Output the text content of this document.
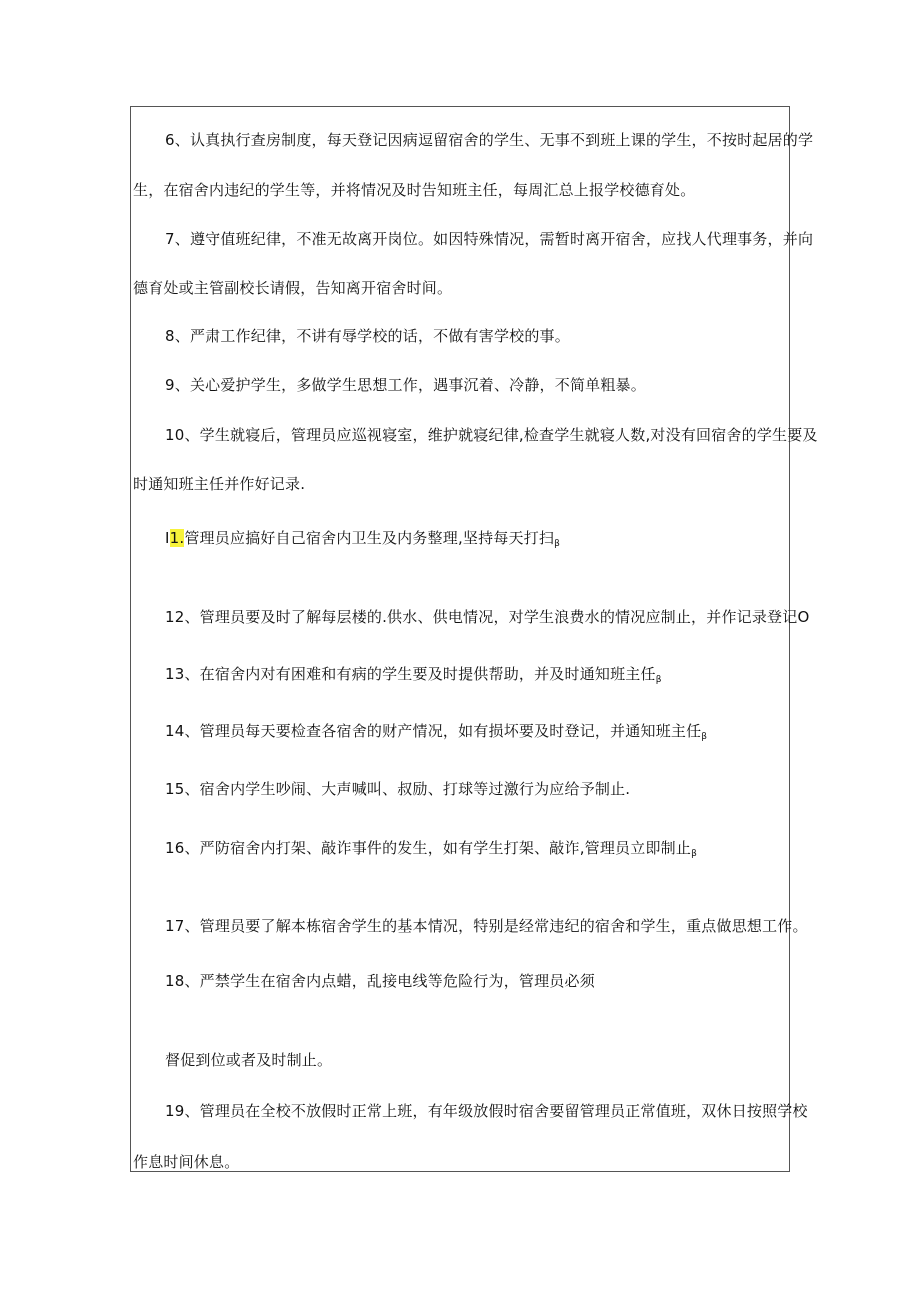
6、认真执行查房制度，每天登记因病逗留宿舍的学生、无事不到班上课的学生，不按时起居的学
生，在宿舍内违纪的学生等，并将情况及时告知班主任，每周汇总上报学校德育处。
7、遵守值班纪律，不准无故离开岗位。如因特殊情况，需暂时离开宿舍，应找人代理事务，并向
德育处或主管副校长请假，告知离开宿舍时间。
8、严肃工作纪律，不讲有辱学校的话，不做有害学校的事。
9、关心爱护学生，多做学生思想工作，遇事沉着、冷静，不简单粗暴。
10、学生就寝后，管理员应巡视寝室，维护就寝纪律,检查学生就寝人数,对没有回宿舍的学生要及
时通知班主任并作好记录.
I1.管理员应搞好自己宿舍内卫生及内务整理,坚持每天打扫$_\beta$
12、管理员要及时了解每层楼的.供水、供电情况，对学生浪费水的情况应制止，并作记录登记O
13、在宿舍内对有困难和有病的学生要及时提供帮助，并及时通知班主任$_\beta$
14、管理员每天要检查各宿舍的财产情况，如有损坏要及时登记，并通知班主任$_\beta$
15、宿舍内学生吵闹、大声喊叫、叔励、打球等过激行为应给予制止.
16、严防宿舍内打架、敲诈事件的发生，如有学生打架、敲诈,管理员立即制止$_\beta$
17、管理员要了解本栋宿舍学生的基本情况，特别是经常违纪的宿舍和学生，重点做思想工作。
18、严禁学生在宿舍内点蜡，乱接电线等危险行为，管理员必须
督促到位或者及时制止。
19、管理员在全校不放假时正常上班，有年级放假时宿舍要留管理员正常值班，双休日按照学校
作息时间休息。
